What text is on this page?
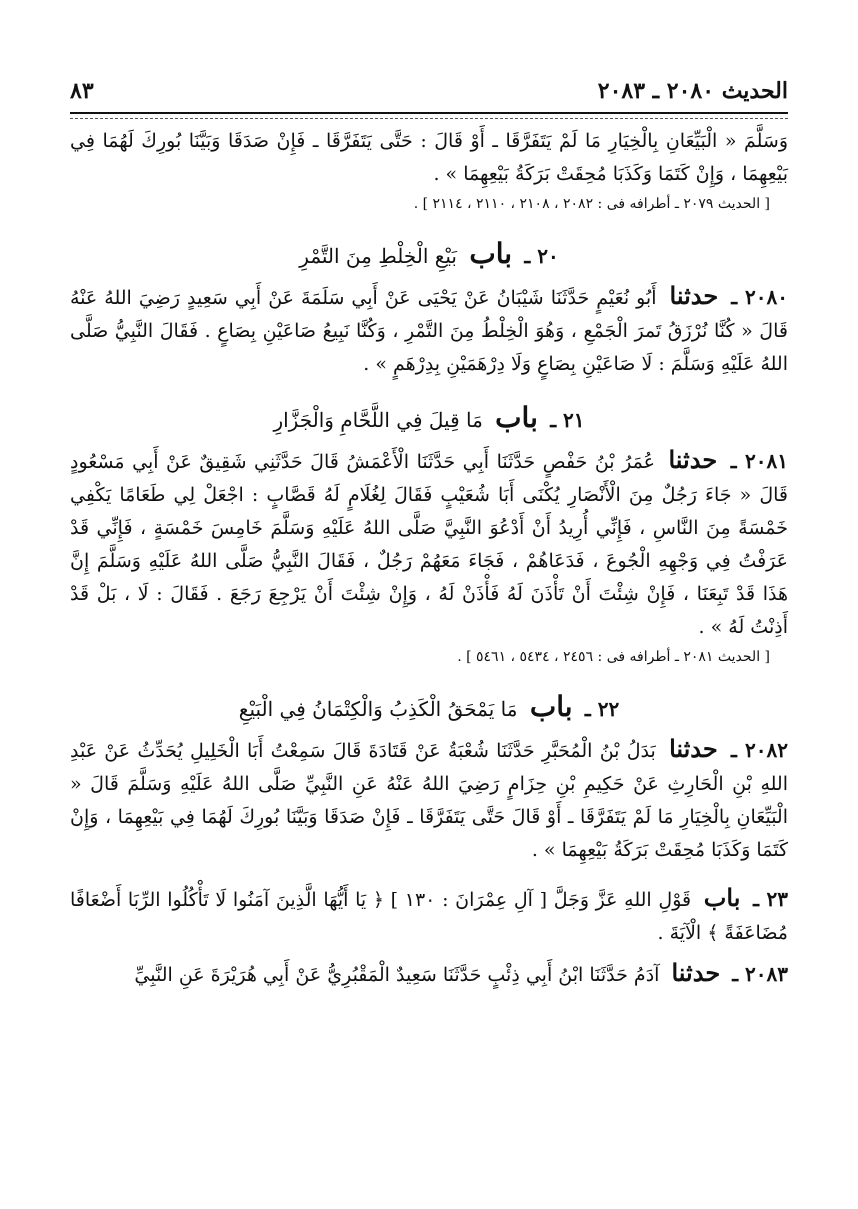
الحديث ٢٠٨٠ ـ ٢٠٨٣
٨٣

وَسَلَّمَ « الْبَيِّعَانِ بِالْخِيَارِ مَا لَمْ يَتَفَرَّقَا ـ أَوْ قَالَ : حَتَّى يَتَفَرَّقَا ـ فَإِنْ صَدَقَا وَبَيَّنَا بُورِكَ لَهُمَا فِي بَيْعِهِمَا ، وَإِنْ كَتَمَا وَكَذَبَا مُحِقَتْ بَرَكَةُ بَيْعِهِمَا » .

[ الحديث ٢٠٧٩ ـ أطرافه فى : ٢٠٨٢ ، ٢١٠٨ ، ٢١١٠ ، ٢١١٤ ] .

٢٠ ـ باب بَيْعِ الْخِلْطِ مِنَ التَّمْرِ

٢٠٨٠ ـ حدثنا أَبُو نُعَيْمٍ حَدَّثَنَا شَيْبَانُ عَنْ يَحْيَى عَنْ أَبِي سَلَمَةَ عَنْ أَبِي سَعِيدٍ رَضِيَ اللهُ عَنْهُ قَالَ « كُنَّا نُرْزَقُ تَمرَ الْجَمْعِ ، وَهُوَ الْخِلْطُ مِنَ التَّمْرِ ، وَكُنَّا نَبِيعُ صَاعَيْنِ بِصَاعٍ . فَقَالَ النَّبِيُّ صَلَّى اللهُ عَلَيْهِ وَسَلَّمَ : لَا صَاعَيْنِ بِصَاعٍ وَلَا دِرْهَمَيْنِ بِدِرْهَمٍ » .

٢١ ـ باب مَا قِيلَ فِي اللَّحَّامِ وَالْجَزَّارِ

٢٠٨١ ـ حدثنا عُمَرُ بْنُ حَفْصٍ حَدَّثَنَا أَبِي حَدَّثَنَا الْأَعْمَشُ قَالَ حَدَّثَنِي شَقِيقٌ عَنْ أَبِي مَسْعُودٍ قَالَ « جَاءَ رَجُلٌ مِنَ الْأَنْصَارِ يُكْنَى أَبَا شُعَيْبٍ فَقَالَ لِغُلَامٍ لَهُ قَصَّابٍ : اجْعَلْ لِي طَعَامًا يَكْفِي خَمْسَةً مِنَ النَّاسِ ، فَإِنِّي أُرِيدُ أَنْ أَدْعُوَ النَّبِيَّ صَلَّى اللهُ عَلَيْهِ وَسَلَّمَ خَامِسَ خَمْسَةٍ ، فَإِنِّي قَدْ عَرَفْتُ فِي وَجْهِهِ الْجُوعَ ، فَدَعَاهُمْ ، فَجَاءَ مَعَهُمْ رَجُلٌ ، فَقَالَ النَّبِيُّ صَلَّى اللهُ عَلَيْهِ وَسَلَّمَ إِنَّ هَذَا قَدْ تَبِعَنَا ، فَإِنْ شِئْتَ أَنْ تَأْذَنَ لَهُ فَأْذَنْ لَهُ ، وَإِنْ شِئْتَ أَنْ يَرْجِعَ رَجَعَ . فَقَالَ : لَا ، بَلْ قَدْ أَذِنْتُ لَهُ » .

[ الحديث ٢٠٨١ ـ أطرافه فى : ٢٤٥٦ ، ٥٤٣٤ ، ٥٤٦١ ] .

٢٢ ـ باب مَا يَمْحَقُ الْكَذِبُ وَالْكِتْمَانُ فِي الْبَيْعِ

٢٠٨٢ ـ حدثنا بَدَلُ بْنُ الْمُحَبَّرِ حَدَّثَنَا شُعْبَةُ عَنْ قَتَادَةَ قَالَ سَمِعْتُ أَبَا الْخَلِيلِ يُحَدِّثُ عَنْ عَبْدِ اللهِ بْنِ الْحَارِثِ عَنْ حَكِيمِ بْنِ حِزَامٍ رَضِيَ اللهُ عَنْهُ عَنِ النَّبِيِّ صَلَّى اللهُ عَلَيْهِ وَسَلَّمَ قَالَ « الْبَيِّعَانِ بِالْخِيَارِ مَا لَمْ يَتَفَرَّقَا ـ أَوْ قَالَ حَتَّى يَتَفَرَّقَا ـ فَإِنْ صَدَقَا وَبَيَّنَا بُورِكَ لَهُمَا فِي بَيْعِهِمَا ، وَإِنْ كَتَمَا وَكَذَبَا مُحِقَتْ بَرَكَةُ بَيْعِهِمَا » .

٢٣ ـ باب قَوْلِ اللهِ عَزَّ وَجَلَّ [ آلِ عِمْرَانَ : ١٣٠ ] ﴿ يَا أَيُّهَا الَّذِينَ آمَنُوا لَا تَأْكُلُوا الرِّبَا أَضْعَافًا مُضَاعَفَةً ﴾ الْآيَةَ .

٢٠٨٣ ـ حدثنا آدَمُ حَدَّثَنَا ابْنُ أَبِي ذِئْبٍ حَدَّثَنَا سَعِيدٌ الْمَقْبُرِيُّ عَنْ أَبِي هُرَيْرَةَ عَنِ النَّبِيِّ
